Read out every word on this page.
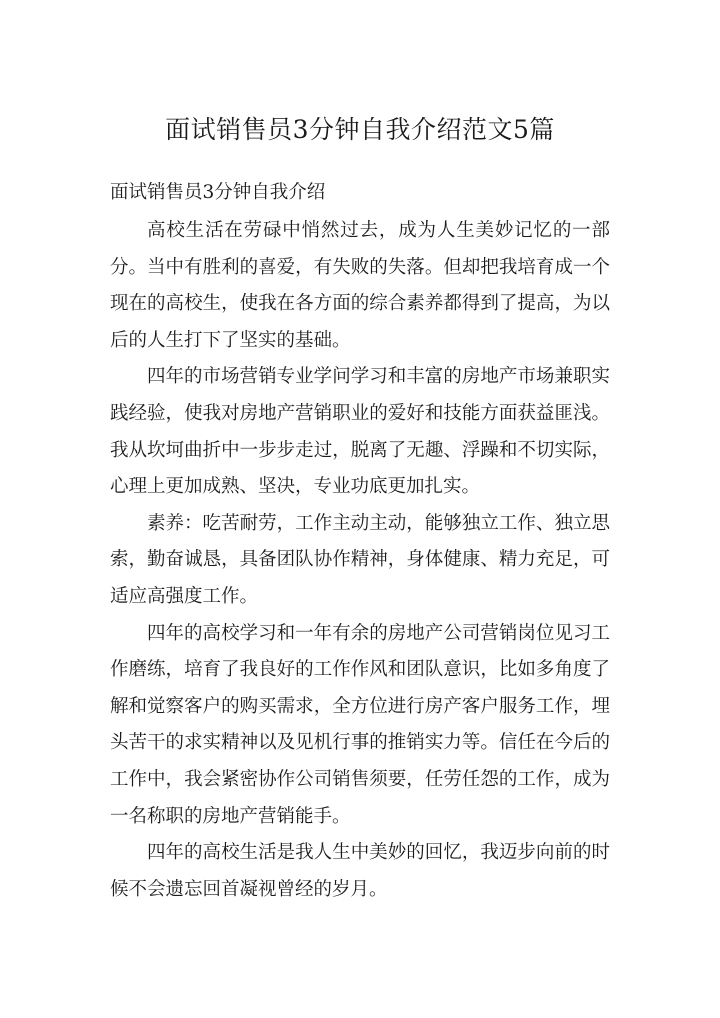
面试销售员3分钟自我介绍范文5篇
面试销售员3分钟自我介绍

高校生活在劳碌中悄然过去，成为人生美妙记忆的一部分。当中有胜利的喜爱，有失败的失落。但却把我培育成一个现在的高校生，使我在各方面的综合素养都得到了提高，为以后的人生打下了坚实的基础。

四年的市场营销专业学问学习和丰富的房地产市场兼职实践经验，使我对房地产营销职业的爱好和技能方面获益匪浅。我从坎坷曲折中一步步走过，脱离了无趣、浮躁和不切实际，心理上更加成熟、坚决，专业功底更加扎实。

素养：吃苦耐劳，工作主动主动，能够独立工作、独立思索，勤奋诚恳，具备团队协作精神，身体健康、精力充足，可适应高强度工作。

四年的高校学习和一年有余的房地产公司营销岗位见习工作磨练，培育了我良好的工作作风和团队意识，比如多角度了解和觉察客户的购买需求，全方位进行房产客户服务工作，埋头苦干的求实精神以及见机行事的推销实力等。信任在今后的工作中，我会紧密协作公司销售须要，任劳任怨的工作，成为一名称职的房地产营销能手。

四年的高校生活是我人生中美妙的回忆，我迈步向前的时候不会遗忘回首凝视曾经的岁月。
